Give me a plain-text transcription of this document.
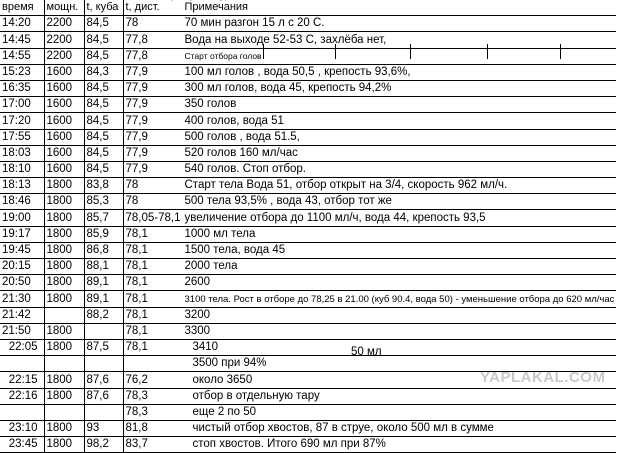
время	мощн.	t, куба	t, дист.	Примечания
14:20	2200	84,5	78	70 мин разгон 15 л с 20 С.
14:45	2200	84,5	77,8	Вода на выходе 52-53 С, захлёба нет,
14:55	2200	84,5	77,8	Старт отбора голов
15:23	1600	84,3	77,9	100 мл голов , вода 50,5 , крепость 93,6%,
16:35	1600	84,5	77,9	300 мл голов, вода 45, крепость 94,2%
17:00	1600	84,5	77,9	350 голов
17:20	1600	84,5	77,9	400 голов, вода 51
17:55	1600	84,5	77,9	500 голов , вода 51.5,
18:03	1600	84,5	77,9	520 голов 160 мл/час
18:10	1600	84,5	77,9	540 голов. Стоп отбор.
18:13	1800	83,8	78	Старт тела Вода 51, отбор открыт на 3/4, скорость 962 мл/ч.
18:46	1800	85,3	78	500 тела 93,5% , вода 43, отбор тот же
19:00	1800	85,7	78,05-78,1	увеличение отбора до 1100 мл/ч, вода 44, крепость 93,5
19:17	1800	85,9	78,1	1000 мл тела
19:45	1800	86,8	78,1	1500 тела, вода 45
20:15	1800	88,1	78,1	2000 тела
20:50	1800	89,1	78,1	2600
21:30	1800	89,1	78,1	3100 тела. Рост в отборе до 78,25 в 21.00 (куб 90.4, вода 50) - уменьшение отбора до 620 мл/час
21:42		88,2	78,1	3200
21:50	1800		78,1	3300
22:05	1800	87,5	78,1	3410
				3500 при 94%
22:15	1800	87,6	76,2	около 3650
22:16	1800	87,6	78,3	отбор в отдельную тару
			78,3	еще 2 по 50
23:10	1800	93	81,8	чистый отбор хвостов, 87 в струе, около 500 мл в сумме
23:45	1800	98,2	83,7	стоп хвостов. Итого 690 мл при 87%
50 мл
YAPLAKAL.COM
